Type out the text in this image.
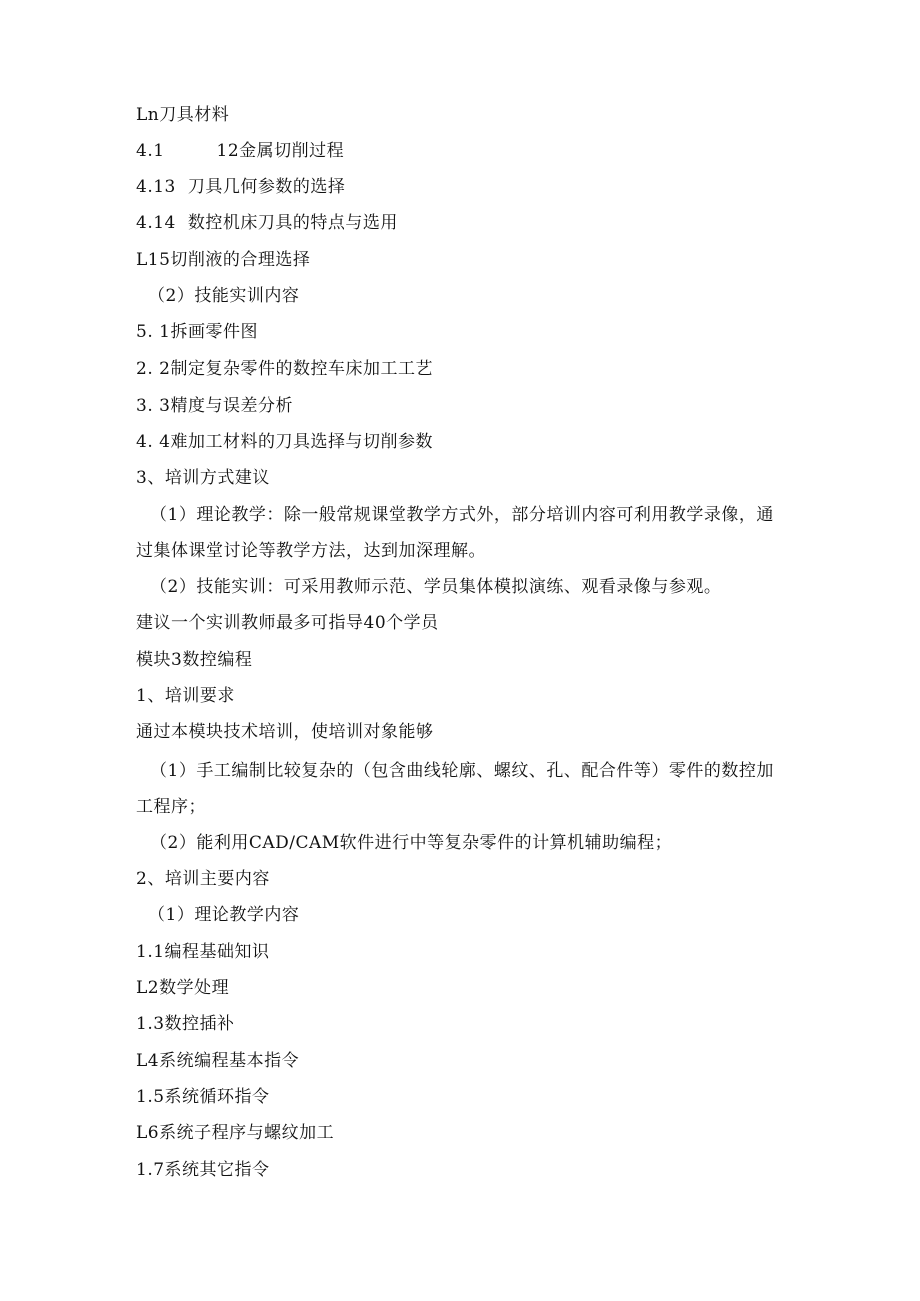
Ln刀具材料
4.1	12金属切削过程
4.13 刀具几何参数的选择
4.14 数控机床刀具的特点与选用
L15切削液的合理选择
（2）技能实训内容
5. 1拆画零件图
2. 2制定复杂零件的数控车床加工工艺
3. 3精度与误差分析
4. 4难加工材料的刀具选择与切削参数
3、培训方式建议
（1）理论教学：除一般常规课堂教学方式外，部分培训内容可利用教学录像，通
过集体课堂讨论等教学方法，达到加深理解。
（2）技能实训：可采用教师示范、学员集体模拟演练、观看录像与参观。
建议一个实训教师最多可指导40个学员
模块3数控编程
1、培训要求
通过本模块技术培训，使培训对象能够
（1）手工编制比较复杂的（包含曲线轮廓、螺纹、孔、配合件等）零件的数控加
工程序；
（2）能利用CAD/CAM软件进行中等复杂零件的计算机辅助编程；
2、培训主要内容
（1）理论教学内容
1.1编程基础知识
L2数学处理
1.3数控插补
L4系统编程基本指令
1.5系统循环指令
L6系统子程序与螺纹加工
1.7系统其它指令
